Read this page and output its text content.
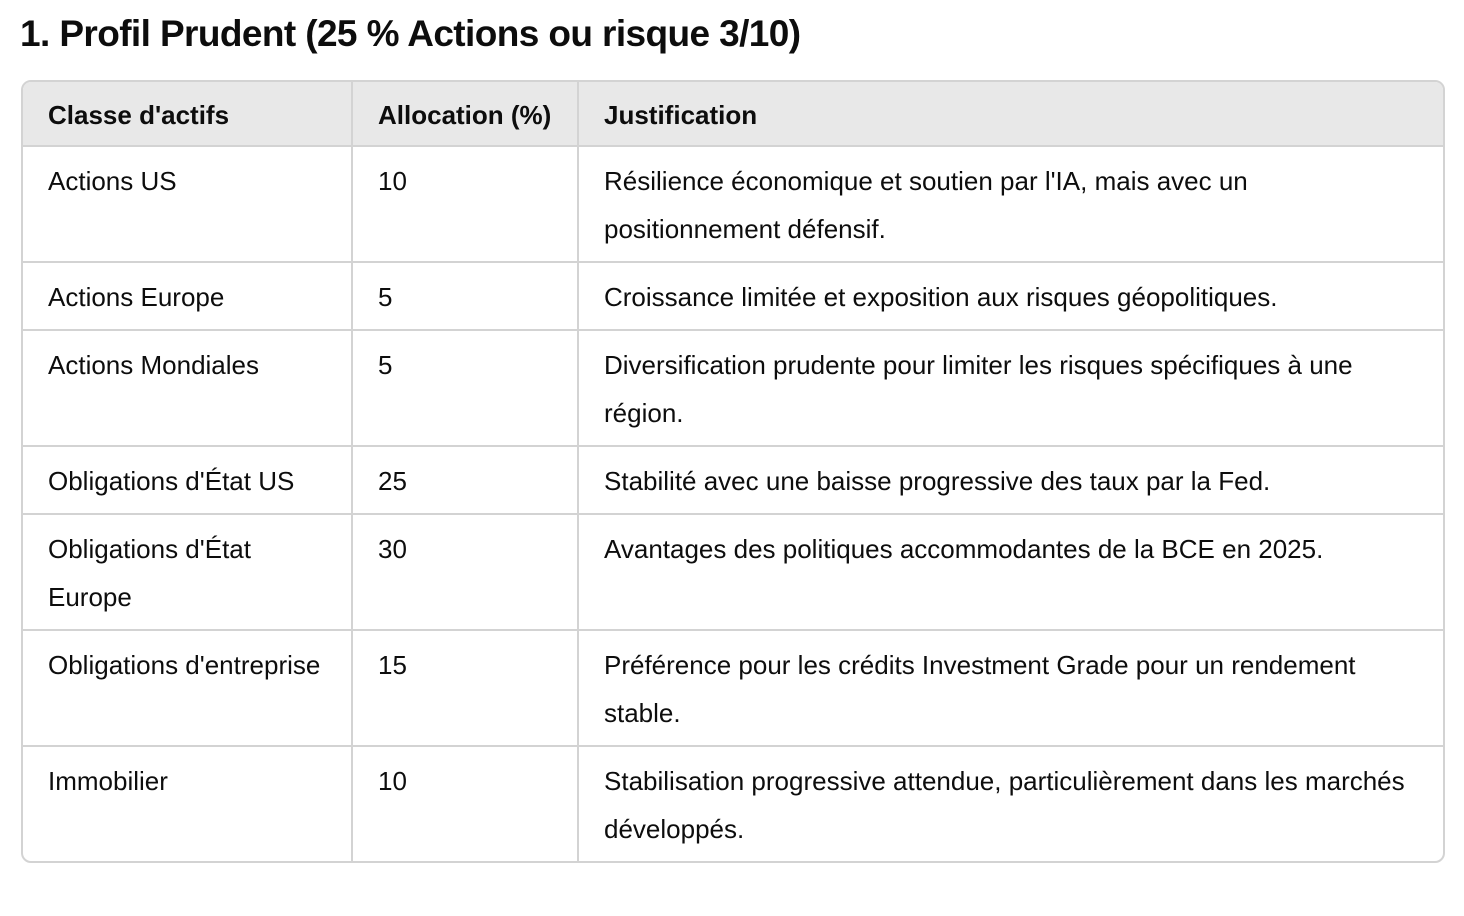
1. Profil Prudent (25 % Actions ou risque 3/10)
Classe d'actifs	Allocation (%)	Justification
Actions US	10	Résilience économique et soutien par l'IA, mais avec un positionnement défensif.
Actions Europe	5	Croissance limitée et exposition aux risques géopolitiques.
Actions Mondiales	5	Diversification prudente pour limiter les risques spécifiques à une région.
Obligations d'État US	25	Stabilité avec une baisse progressive des taux par la Fed.
Obligations d'État Europe	30	Avantages des politiques accommodantes de la BCE en 2025.
Obligations d'entreprise	15	Préférence pour les crédits Investment Grade pour un rendement stable.
Immobilier	10	Stabilisation progressive attendue, particulièrement dans les marchés développés.
